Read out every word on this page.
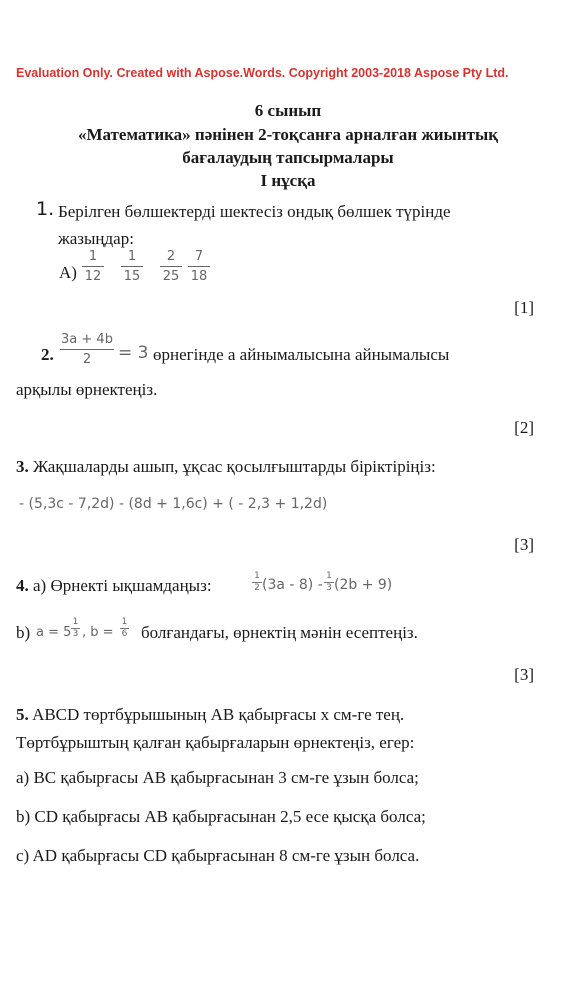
Evaluation Only. Created with Aspose.Words. Copyright 2003-2018 Aspose Pty Ltd.
6 сынып
«Математика» пәнінен 2-тоқсанға арналған жиынтық
бағалаудың тапсырмалары
І нұсқа
1. Берілген бөлшектерді шектесіз ондық бөлшек түрінде
жазыңдар:
А)
1
12
1
15
2
25
7
18
[1]
2.
3a + 4b
2	= 3 өрнегінде a айнымалысына айнымалысы
арқылы өрнектеңіз.
[2]
3. Жақшаларды ашып, ұқсас қосылғыштарды біріктіріңіз:
- (5,3c - 7,2d) - (8d + 1,6c) + ( - 2,3 + 1,2d)
[3]
4. а) Өрнекті ықшамдаңыз:	1
2 (3a - 8) -
1
3 (2b + 9)
b) a = 5
1
3 , b =
1
6 болғандағы, өрнектің мәнін есептеңіз.
[3]
5. ABCD төртбұрышының AB қабырғасы x см-ге тең.
Төртбұрыштың қалған қабырғаларын өрнектеңіз, егер:
а) BC қабырғасы AB қабырғасынан 3 см-ге ұзын болса;
b) CD қабырғасы AB қабырғасынан 2,5 есе қысқа болса;
c) AD қабырғасы CD қабырғасынан 8 см-ге ұзын болса.
